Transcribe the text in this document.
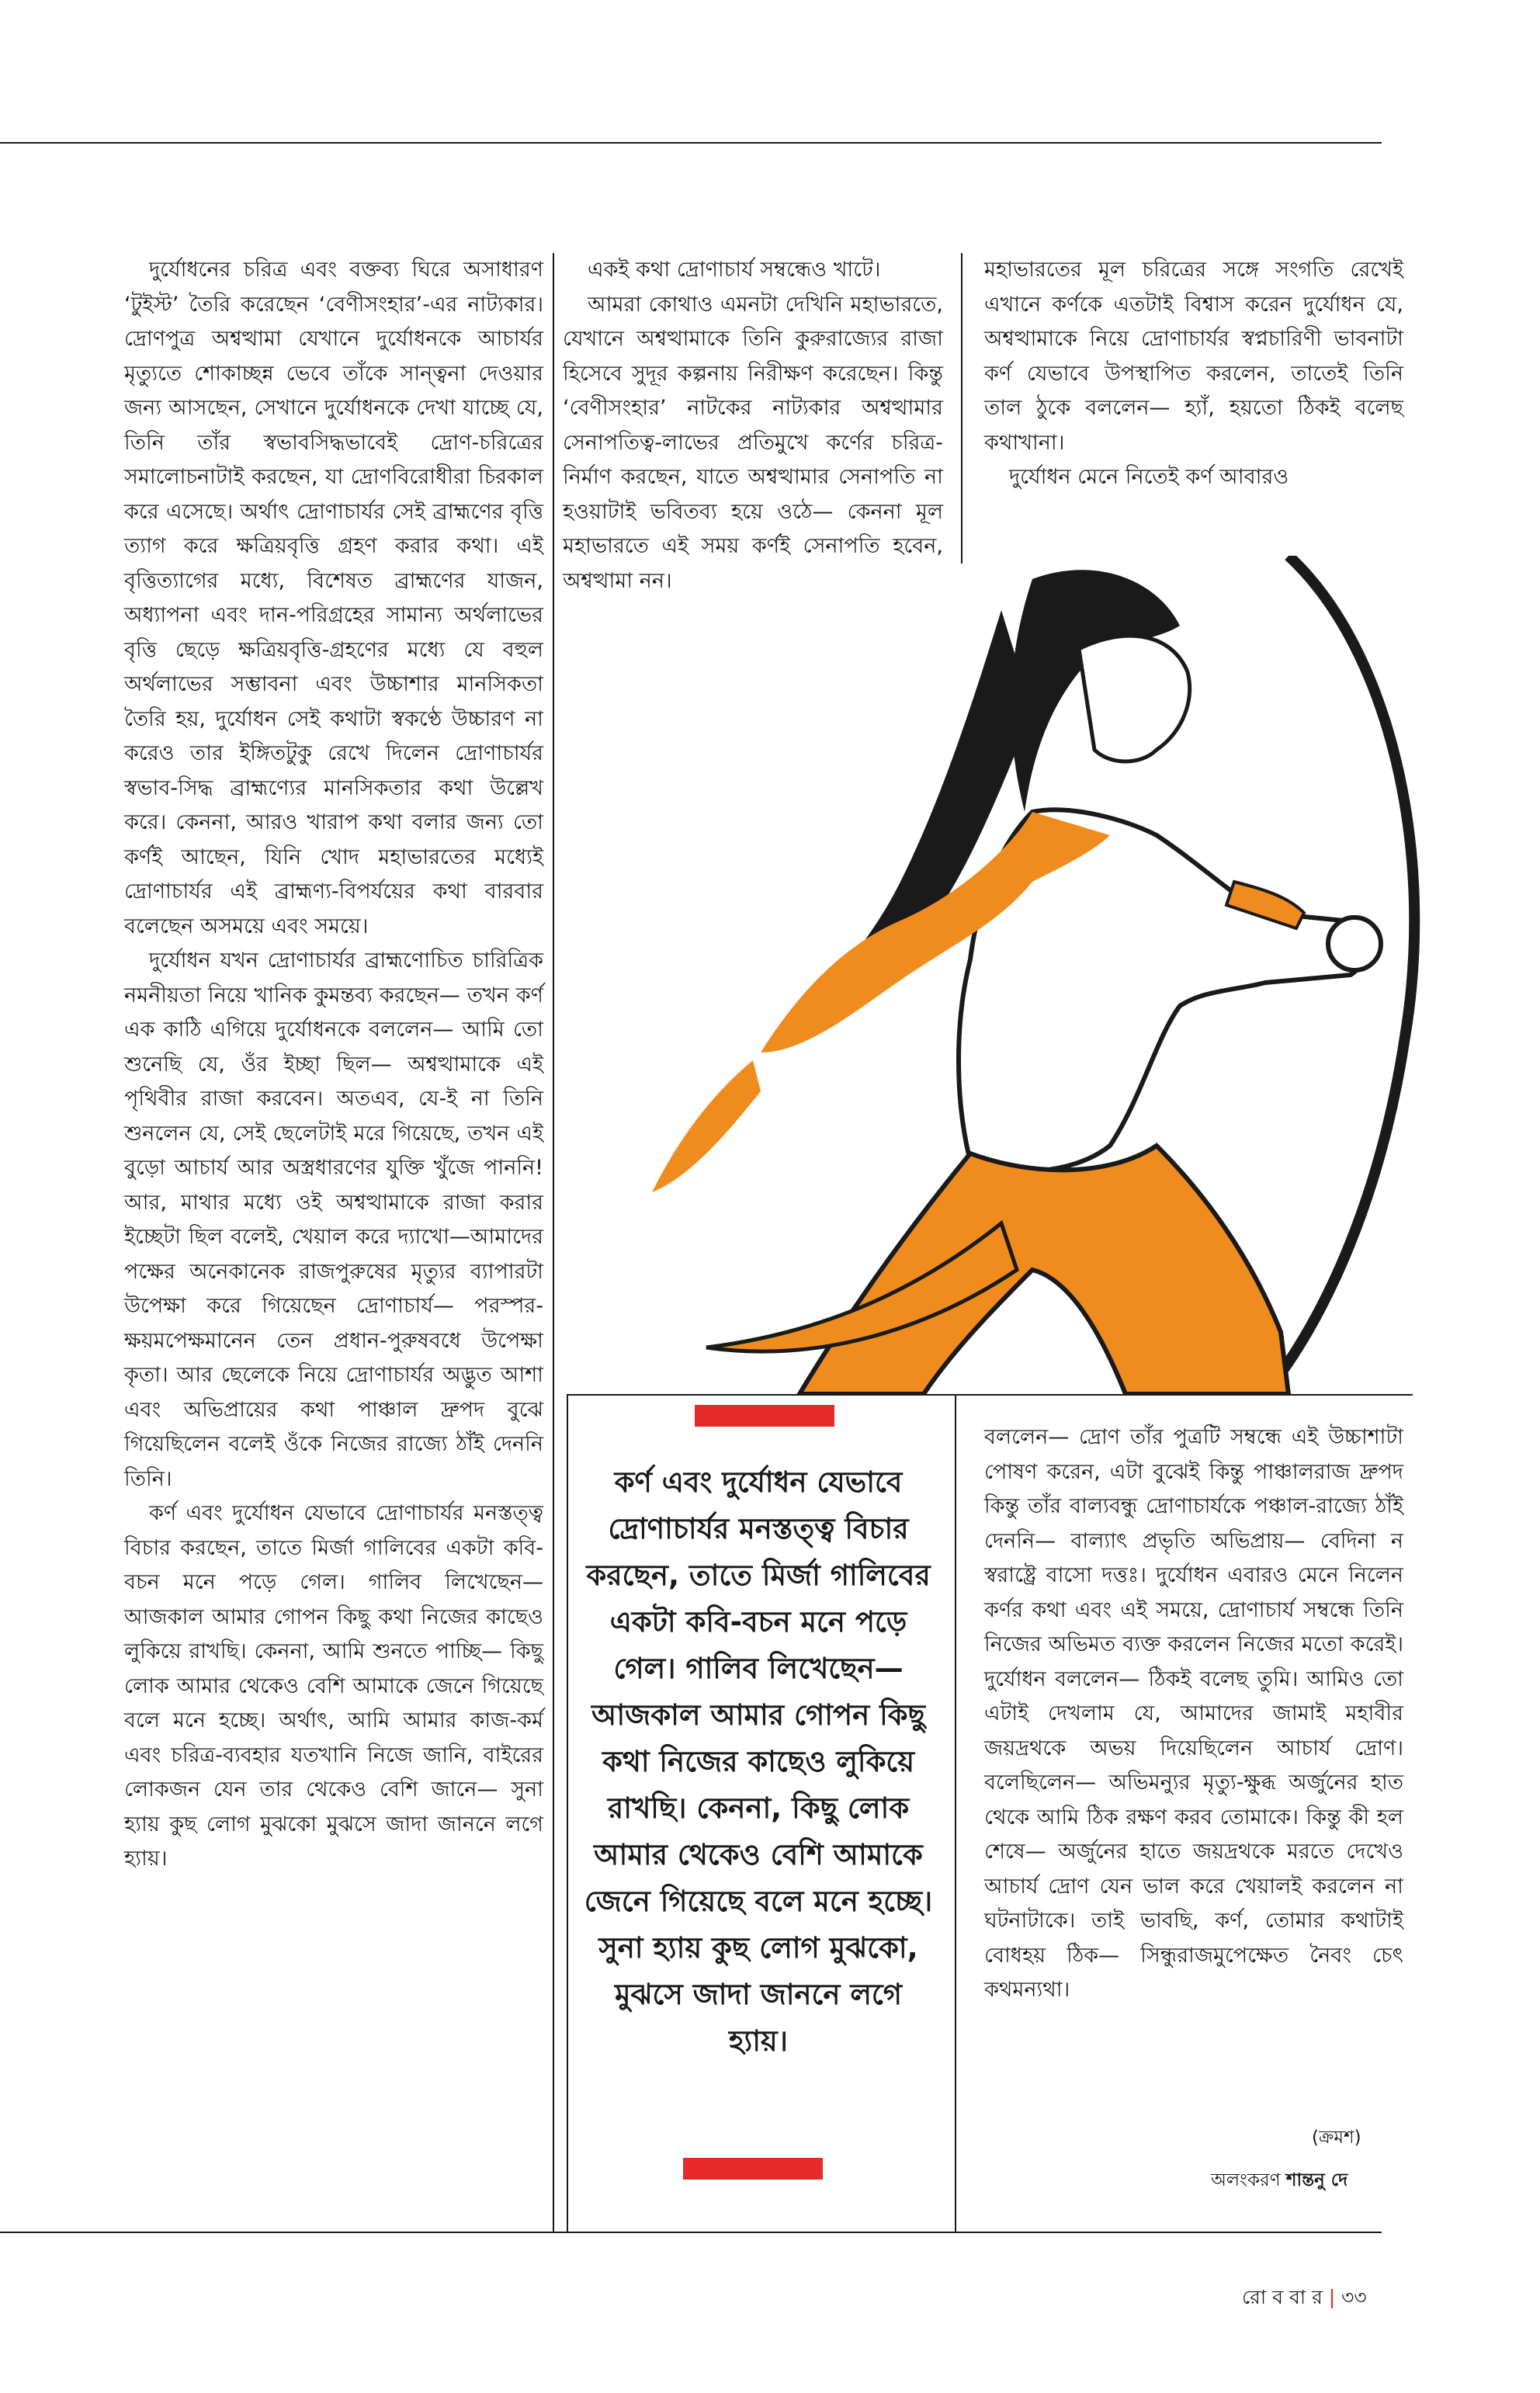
দুর্যোধনের চরিত্র এবং বক্তব্য ঘিরে অসাধারণ ‘টুইস্ট’ তৈরি করেছেন ‘বেণীসংহার’-এর নাট্যকার। দ্রোণপুত্র অশ্বত্থামা যেখানে দুর্যোধনকে আচার্যর মৃত্যুতে শোকাচ্ছন্ন ভেবে তাঁকে সান্ত্বনা দেওয়ার জন্য আসছেন, সেখানে দুর্যোধনকে দেখা যাচ্ছে যে, তিনি তাঁর স্বভাবসিদ্ধভাবেই দ্রোণ-চরিত্রের সমালোচনাটাই করছেন, যা দ্রোণবিরোধীরা চিরকাল করে এসেছে। অর্থাৎ দ্রোণাচার্যর সেই ব্রাহ্মণের বৃত্তি ত্যাগ করে ক্ষত্রিয়বৃত্তি গ্রহণ করার কথা। এই বৃত্তিত্যাগের মধ্যে, বিশেষত ব্রাহ্মণের যাজন, অধ্যাপনা এবং দান-পরিগ্রহের সামান্য অর্থলাভের বৃত্তি ছেড়ে ক্ষত্রিয়বৃত্তি-গ্রহণের মধ্যে যে বহুল অর্থলাভের সম্ভাবনা এবং উচ্চাশার মানসিকতা তৈরি হয়, দুর্যোধন সেই কথাটা স্বকণ্ঠে উচ্চারণ না করেও তার ইঙ্গিতটুকু রেখে দিলেন দ্রোণাচার্যর স্বভাব-সিদ্ধ ব্রাহ্মণ্যের মানসিকতার কথা উল্লেখ করে। কেননা, আরও খারাপ কথা বলার জন্য তো কর্ণই আছেন, যিনি খোদ মহাভারতের মধ্যেই দ্রোণাচার্যর এই ব্রাহ্মণ্য-বিপর্যয়ের কথা বারবার বলেছেন অসময়ে এবং সময়ে।

দুর্যোধন যখন দ্রোণাচার্যর ব্রাহ্মণোচিত চারিত্রিক নমনীয়তা নিয়ে খানিক কুমন্তব্য করছেন— তখন কর্ণ এক কাঠি এগিয়ে দুর্যোধনকে বললেন— আমি তো শুনেছি যে, ওঁর ইচ্ছা ছিল— অশ্বত্থামাকে এই পৃথিবীর রাজা করবেন। অতএব, যে-ই না তিনি শুনলেন যে, সেই ছেলেটাই মরে গিয়েছে, তখন এই বুড়ো আচার্য আর অস্ত্রধারণের যুক্তি খুঁজে পাননি! আর, মাথার মধ্যে ওই অশ্বত্থামাকে রাজা করার ইচ্ছেটা ছিল বলেই, খেয়াল করে দ্যাখো—আমাদের পক্ষের অনেকানেক রাজপুরুষের মৃত্যুর ব্যাপারটা উপেক্ষা করে গিয়েছেন দ্রোণাচার্য— পরস্পর-ক্ষয়মপেক্ষমানেন তেন প্রধান-পুরুষবধে উপেক্ষা কৃতা। আর ছেলেকে নিয়ে দ্রোণাচার্যর অদ্ভুত আশা এবং অভিপ্রায়ের কথা পাঞ্চাল দ্রুপদ বুঝে গিয়েছিলেন বলেই ওঁকে নিজের রাজ্যে ঠাঁই দেননি তিনি।

কর্ণ এবং দুর্যোধন যেভাবে দ্রোণাচার্যর মনস্তত্ত্ব বিচার করছেন, তাতে মির্জা গালিবের একটা কবি-বচন মনে পড়ে গেল। গালিব লিখেছেন— আজকাল আমার গোপন কিছু কথা নিজের কাছেও লুকিয়ে রাখছি। কেননা, আমি শুনতে পাচ্ছি— কিছু লোক আমার থেকেও বেশি আমাকে জেনে গিয়েছে বলে মনে হচ্ছে। অর্থাৎ, আমি আমার কাজ-কর্ম এবং চরিত্র-ব্যবহার যতখানি নিজে জানি, বাইরের লোকজন যেন তার থেকেও বেশি জানে— সুনা হ্যায় কুছ লোগ মুঝকো মুঝসে জাদা জাননে লগে হ্যায়।

একই কথা দ্রোণাচার্য সম্বন্ধেও খাটে।

আমরা কোথাও এমনটা দেখিনি মহাভারতে, যেখানে অশ্বত্থামাকে তিনি কুরুরাজ্যের রাজা হিসেবে সুদূর কল্পনায় নিরীক্ষণ করেছেন। কিন্তু ‘বেণীসংহার’ নাটকের নাট্যকার অশ্বত্থামার সেনাপতিত্ব-লাভের প্রতিমুখে কর্ণের চরিত্র-নির্মাণ করছেন, যাতে অশ্বত্থামার সেনাপতি না হওয়াটাই ভবিতব্য হয়ে ওঠে— কেননা মূল মহাভারতে এই সময় কর্ণই সেনাপতি হবেন, অশ্বত্থামা নন।

মহাভারতের মূল চরিত্রের সঙ্গে সংগতি রেখেই এখানে কর্ণকে এতটাই বিশ্বাস করেন দুর্যোধন যে, অশ্বত্থামাকে নিয়ে দ্রোণাচার্যর স্বপ্নচারিণী ভাবনাটা কর্ণ যেভাবে উপস্থাপিত করলেন, তাতেই তিনি তাল ঠুকে বললেন— হ্যাঁ, হয়তো ঠিকই বলেছ কথাখানা।

দুর্যোধন মেনে নিতেই কর্ণ আবারও

কর্ণ এবং দুর্যোধন যেভাবে দ্রোণাচার্যর মনস্তত্ত্ব বিচার করছেন, তাতে মির্জা গালিবের একটা কবি-বচন মনে পড়ে গেল। গালিব লিখেছেন— আজকাল আমার গোপন কিছু কথা নিজের কাছেও লুকিয়ে রাখছি। কেননা, কিছু লোক আমার থেকেও বেশি আমাকে জেনে গিয়েছে বলে মনে হচ্ছে। সুনা হ্যায় কুছ লোগ মুঝকো, মুঝসে জাদা জাননে লগে হ্যায়।

বললেন— দ্রোণ তাঁর পুত্রটি সম্বন্ধে এই উচ্চাশাটা পোষণ করেন, এটা বুঝেই কিন্তু পাঞ্চালরাজ দ্রুপদ কিন্তু তাঁর বাল্যবন্ধু দ্রোণাচার্যকে পঞ্চাল-রাজ্যে ঠাঁই দেননি— বাল্যাৎ প্রভৃতি অভিপ্রায়— বেদিনা ন স্বরাষ্ট্রে বাসো দত্তঃ। দুর্যোধন এবারও মেনে নিলেন কর্ণর কথা এবং এই সময়ে, দ্রোণাচার্য সম্বন্ধে তিনি নিজের অভিমত ব্যক্ত করলেন নিজের মতো করেই। দুর্যোধন বললেন— ঠিকই বলেছ তুমি। আমিও তো এটাই দেখলাম যে, আমাদের জামাই মহাবীর জয়দ্রথকে অভয় দিয়েছিলেন আচার্য দ্রোণ। বলেছিলেন— অভিমন্যুর মৃত্যু-ক্ষুব্ধ অর্জুনের হাত থেকে আমি ঠিক রক্ষণ করব তোমাকে। কিন্তু কী হল শেষে— অর্জুনের হাতে জয়দ্রথকে মরতে দেখেও আচার্য দ্রোণ যেন ভাল করে খেয়ালই করলেন না ঘটনাটাকে। তাই ভাবছি, কর্ণ, তোমার কথাটাই বোধহয় ঠিক— সিন্ধুরাজমুপেক্ষেত নৈবং চেৎ কথমন্যথা।

(ক্রমশ)
অলংকরণ শান্তনু দে
রো ব বা র | ৩৩
